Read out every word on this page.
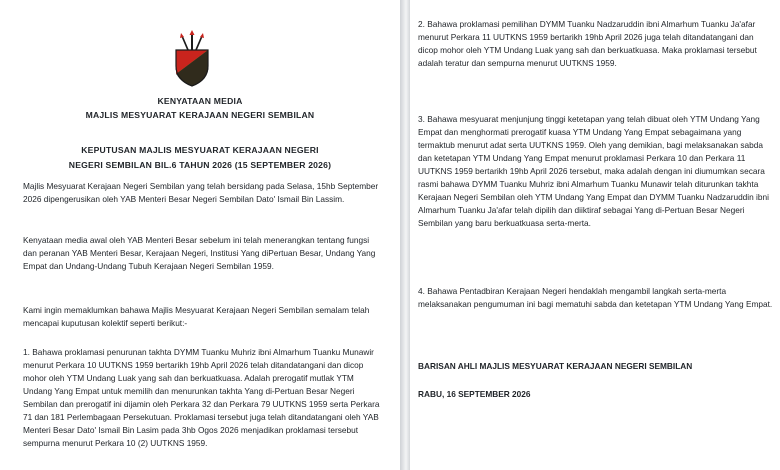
KENYATAAN MEDIA
MAJLIS MESYUARAT KERAJAAN NEGERI SEMBILAN
KEPUTUSAN MAJLIS MESYUARAT KERAJAAN NEGERI
NEGERI SEMBILAN BIL.6 TAHUN 2026 (15 SEPTEMBER 2026)

Majlis Mesyuarat Kerajaan Negeri Sembilan yang telah bersidang pada Selasa, 15hb September 2026 dipengerusikan oleh YAB Menteri Besar Negeri Sembilan Dato' Ismail Bin Lassim.

Kenyataan media awal oleh YAB Menteri Besar sebelum ini telah menerangkan tentang fungsi dan peranan YAB Menteri Besar, Kerajaan Negeri, Institusi Yang diPertuan Besar, Undang Yang Empat dan Undang-Undang Tubuh Kerajaan Negeri Sembilan 1959.

Kami ingin memaklumkan bahawa Majlis Mesyuarat Kerajaan Negeri Sembilan semalam telah mencapai kuputusan kolektif seperti berikut:-

1. Bahawa proklamasi penurunan takhta DYMM Tuanku Muhriz ibni Almarhum Tuanku Munawir menurut Perkara 10 UUTKNS 1959 bertarikh 19hb April 2026 telah ditandatangani dan dicop mohor oleh YTM Undang Luak yang sah dan berkuatkuasa. Adalah prerogatif mutlak YTM Undang Yang Empat untuk memilih dan menurunkan takhta Yang di-Pertuan Besar Negeri Sembilan dan prerogatif ini dijamin oleh Perkara 32 dan Perkara 79 UUTKNS 1959 serta Perkara 71 dan 181 Perlembagaan Persekutuan. Proklamasi tersebut juga telah ditandatangani oleh YAB Menteri Besar Dato' Ismail Bin Lasim pada 3hb Ogos 2026 menjadikan proklamasi tersebut sempurna menurut Perkara 10 (2) UUTKNS 1959.

2. Bahawa proklamasi pemilihan DYMM Tuanku Nadzaruddin ibni Almarhum Tuanku Ja'afar menurut Perkara 11 UUTKNS 1959 bertarikh 19hb April 2026 juga telah ditandatangani dan dicop mohor oleh YTM Undang Luak yang sah dan berkuatkuasa. Maka proklamasi tersebut adalah teratur dan sempurna menurut UUTKNS 1959.

3. Bahawa mesyuarat menjunjung tinggi ketetapan yang telah dibuat oleh YTM Undang Yang Empat dan menghormati prerogatif kuasa YTM Undang Yang Empat sebagaimana yang termaktub menurut adat serta UUTKNS 1959. Oleh yang demikian, bagi melaksanakan sabda dan ketetapan YTM Undang Yang Empat menurut proklamasi Perkara 10 dan Perkara 11 UUTKNS 1959 bertarikh 19hb April 2026 tersebut, maka adalah dengan ini diumumkan secara rasmi bahawa DYMM Tuanku Muhriz ibni Almarhum Tuanku Munawir telah diturunkan takhta Kerajaan Negeri Sembilan oleh YTM Undang Yang Empat dan DYMM Tuanku Nadzaruddin ibni Almarhum Tuanku Ja'afar telah dipilih dan diiktiraf sebagai Yang di-Pertuan Besar Negeri Sembilan yang baru berkuatkuasa serta-merta.

4. Bahawa Pentadbiran Kerajaan Negeri hendaklah mengambil langkah serta-merta melaksanakan pengumuman ini bagi mematuhi sabda dan ketetapan YTM Undang Yang Empat.

BARISAN AHLI MAJLIS MESYUARAT KERAJAAN NEGERI SEMBILAN

RABU, 16 SEPTEMBER 2026
